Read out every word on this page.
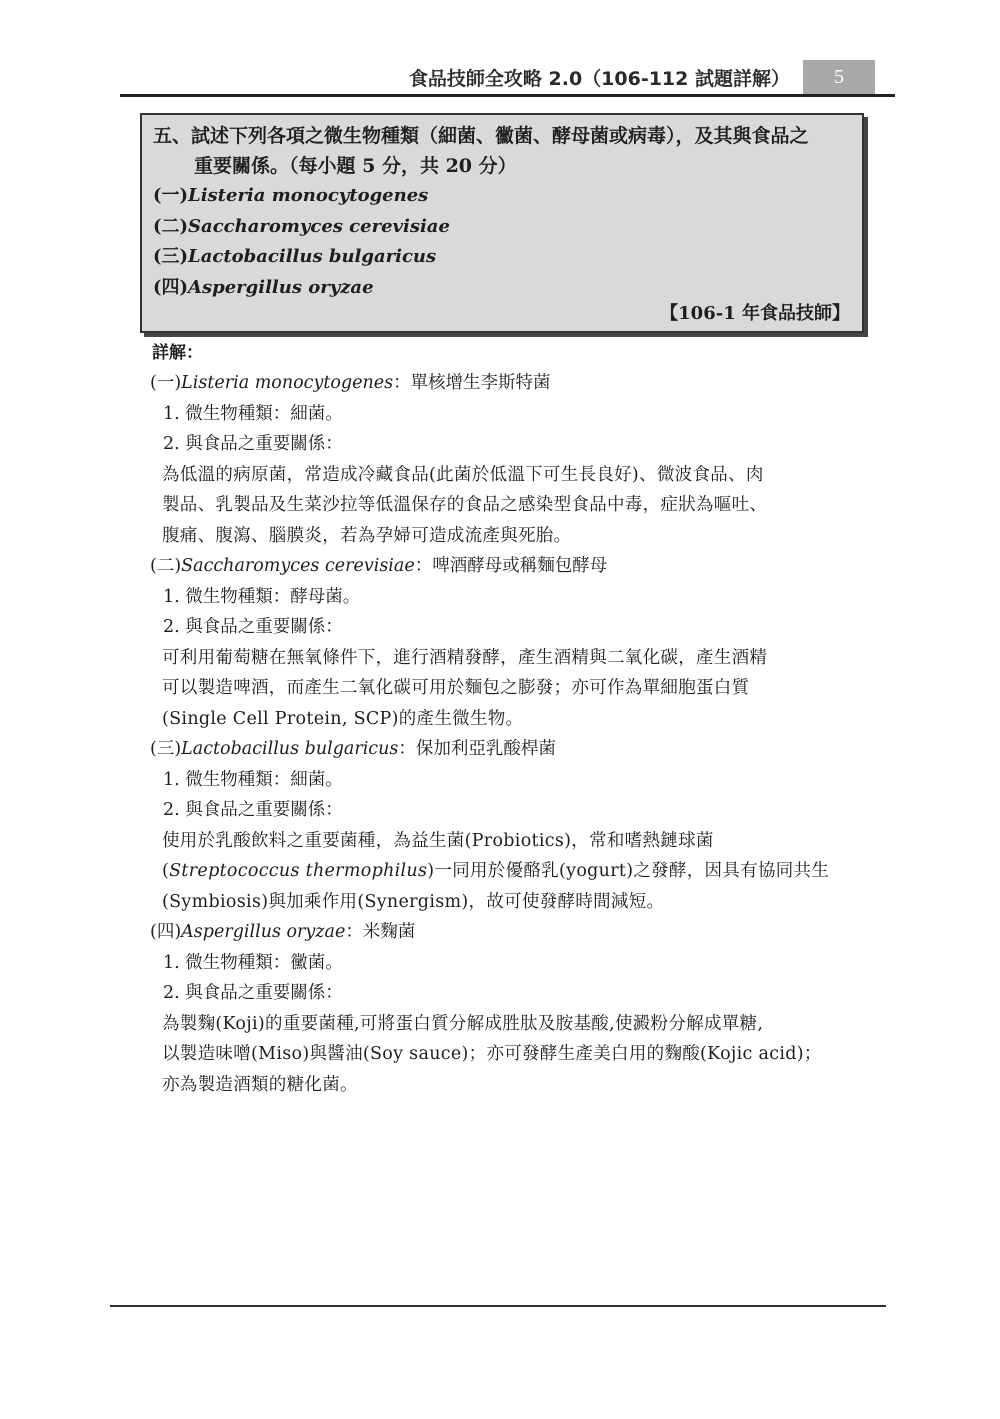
食品技師全攻略 2.0（106-112 試題詳解）	5

五、試述下列各項之微生物種類（細菌、黴菌、酵母菌或病毒），及其與食品之

重要關係。（每小題 5 分，共 20 分）

(一)Listeria monocytogenes

(二)Saccharomyces cerevisiae

(三)Lactobacillus bulgaricus

(四)Aspergillus oryzae

【106-1 年食品技師】

詳解：

(一)Listeria monocytogenes：單核增生李斯特菌

1. 微生物種類：細菌。

2. 與食品之重要關係：

為低溫的病原菌，常造成冷藏食品(此菌於低溫下可生長良好)、微波食品、肉

製品、乳製品及生菜沙拉等低溫保存的食品之感染型食品中毒，症狀為嘔吐、

腹痛、腹瀉、腦膜炎，若為孕婦可造成流產與死胎。

(二)Saccharomyces cerevisiae：啤酒酵母或稱麵包酵母

1. 微生物種類：酵母菌。

2. 與食品之重要關係：

可利用葡萄糖在無氧條件下，進行酒精發酵，產生酒精與二氧化碳，產生酒精

可以製造啤酒，而產生二氧化碳可用於麵包之膨發；亦可作為單細胞蛋白質

(Single Cell Protein, SCP)的產生微生物。

(三)Lactobacillus bulgaricus：保加利亞乳酸桿菌

1. 微生物種類：細菌。

2. 與食品之重要關係：

使用於乳酸飲料之重要菌種，為益生菌(Probiotics)，常和嗜熱鏈球菌

(Streptococcus thermophilus)一同用於優酪乳(yogurt)之發酵，因具有協同共生

(Symbiosis)與加乘作用(Synergism)，故可使發酵時間減短。

(四)Aspergillus oryzae：米麴菌

1. 微生物種類：黴菌。

2. 與食品之重要關係：

為製麴(Koji)的重要菌種,可將蛋白質分解成胜肽及胺基酸,使澱粉分解成單糖,

以製造味噌(Miso)與醬油(Soy sauce)；亦可發酵生產美白用的麴酸(Kojic acid)；

亦為製造酒類的糖化菌。
